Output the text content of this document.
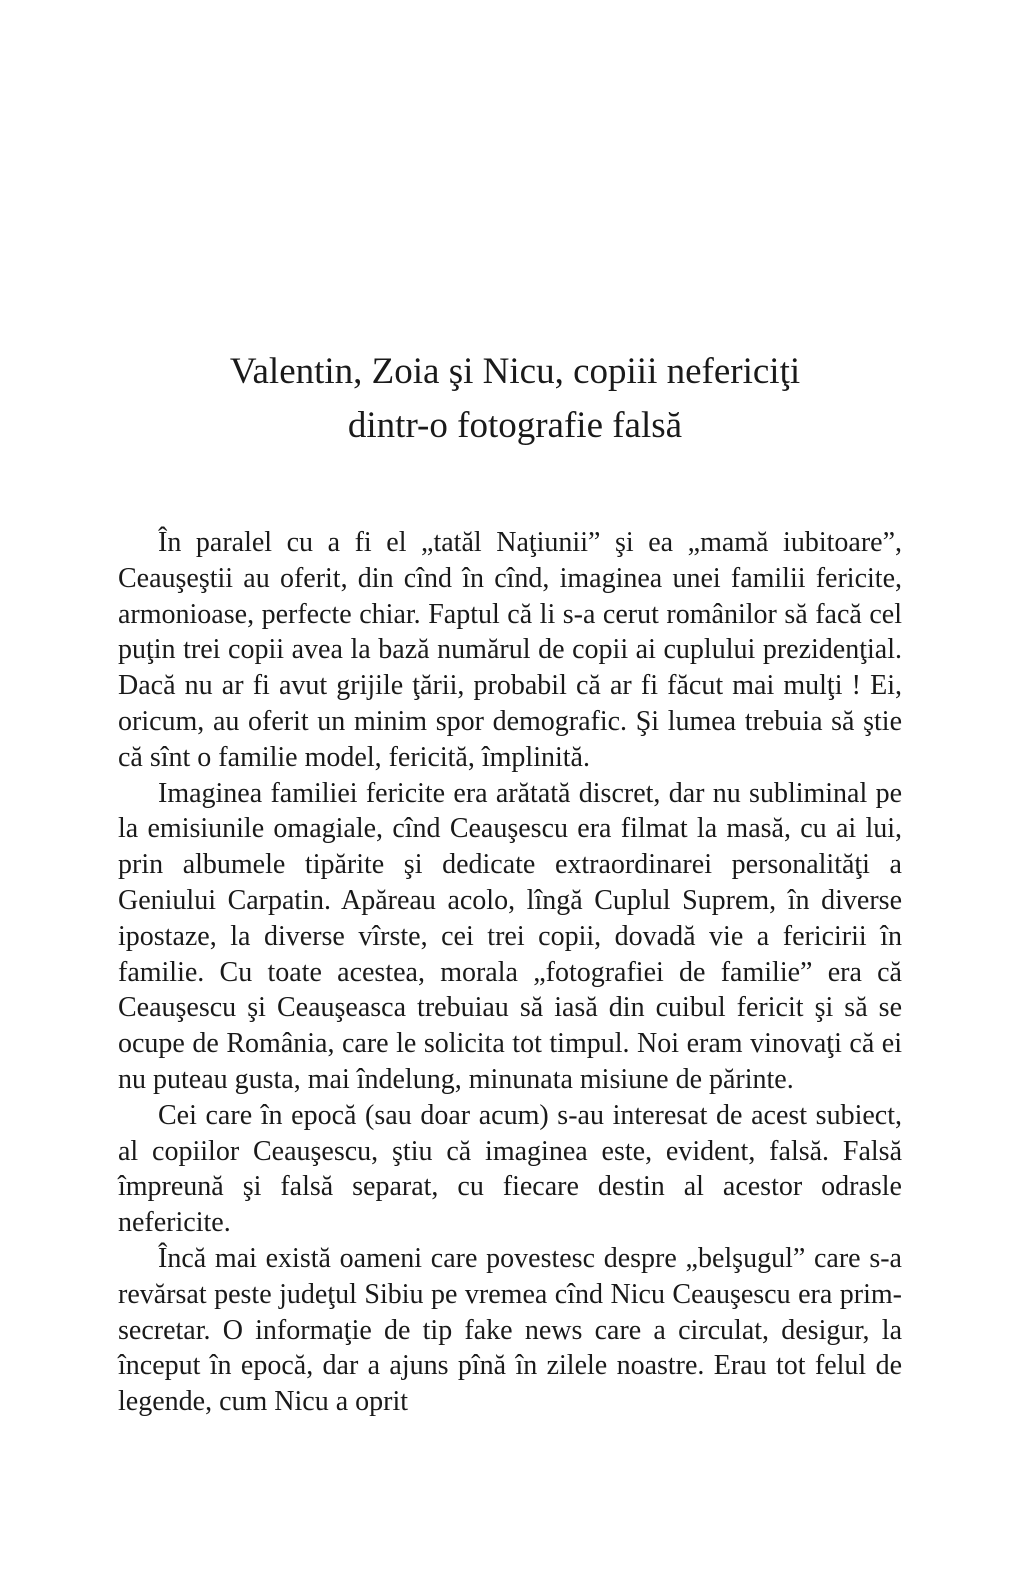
Valentin, Zoia şi Nicu, copiii nefericiţi
dintr-o fotografie falsă

În paralel cu a fi el „tatăl Naţiunii” şi ea „mamă iubitoare”, Ceauşeştii au oferit, din cînd în cînd, imaginea unei familii fericite, armonioase, perfecte chiar. Faptul că li s-a cerut românilor să facă cel puţin trei copii avea la bază numărul de copii ai cuplului prezidenţial. Dacă nu ar fi avut grijile ţării, probabil că ar fi făcut mai mulţi ! Ei, oricum, au oferit un minim spor demografic. Şi lumea trebuia să ştie că sînt o familie model, fericită, împlinită.

Imaginea familiei fericite era arătată discret, dar nu subliminal pe la emisiunile omagiale, cînd Ceauşescu era filmat la masă, cu ai lui, prin albumele tipărite şi dedicate extraordinarei personalităţi a Geniului Carpatin. Apăreau acolo, lîngă Cuplul Suprem, în diverse ipostaze, la diverse vîrste, cei trei copii, dovadă vie a fericirii în familie. Cu toate acestea, morala „fotografiei de familie” era că Ceauşescu şi Ceauşeasca trebuiau să iasă din cuibul fericit şi să se ocupe de România, care le solicita tot timpul. Noi eram vinovaţi că ei nu puteau gusta, mai îndelung, minunata misiune de părinte.

Cei care în epocă (sau doar acum) s-au interesat de acest subiect, al copiilor Ceauşescu, ştiu că imaginea este, evident, falsă. Falsă împreună şi falsă separat, cu fiecare destin al acestor odrasle nefericite.

Încă mai există oameni care povestesc despre „belşugul” care s-a revărsat peste judeţul Sibiu pe vremea cînd Nicu Ceauşescu era prim-secretar. O informaţie de tip fake news care a circulat, desigur, la început în epocă, dar a ajuns pînă în zilele noastre. Erau tot felul de legende, cum Nicu a oprit
